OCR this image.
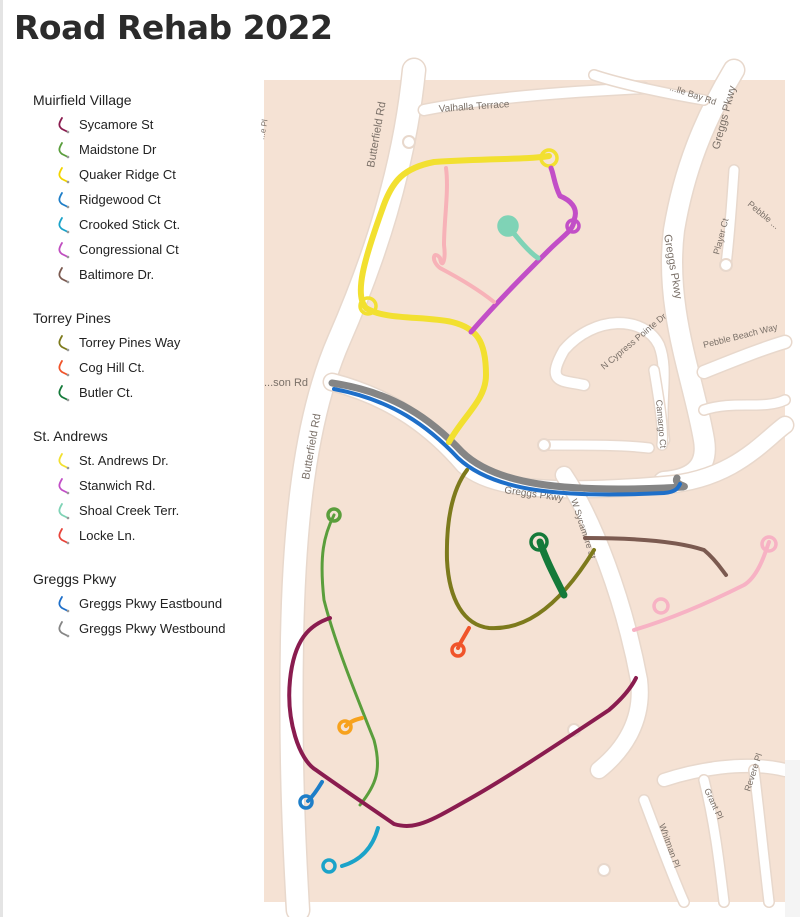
Road Rehab 2022
Muirfield Village
Sycamore St
Maidstone Dr
Quaker Ridge Ct
Ridgewood Ct
Crooked Stick Ct.
Congressional Ct
Baltimore Dr.
Torrey Pines
Torrey Pines Way
Cog Hill Ct.
Butler Ct.
St. Andrews
St. Andrews Dr.
Stanwich Rd.
Shoal Creek Terr.
Locke Ln.
Greggs Pkwy
Greggs Pkwy Eastbound
Greggs Pkwy Westbound
Valhalla Terrace
...lle Bay Rd
Butterfield Rd
Butterfield Rd
Greggs Pkwy
Greggs Pkwy	Player Ct
Pebble ...
N Cypress Pointe Dr	Pebble Beach Way
...son Rd
Camargo Ct
Greggs Pkwy
W Sycamore St
Grant Pl
Revere Pl
Whitman Pl
...e Pl
